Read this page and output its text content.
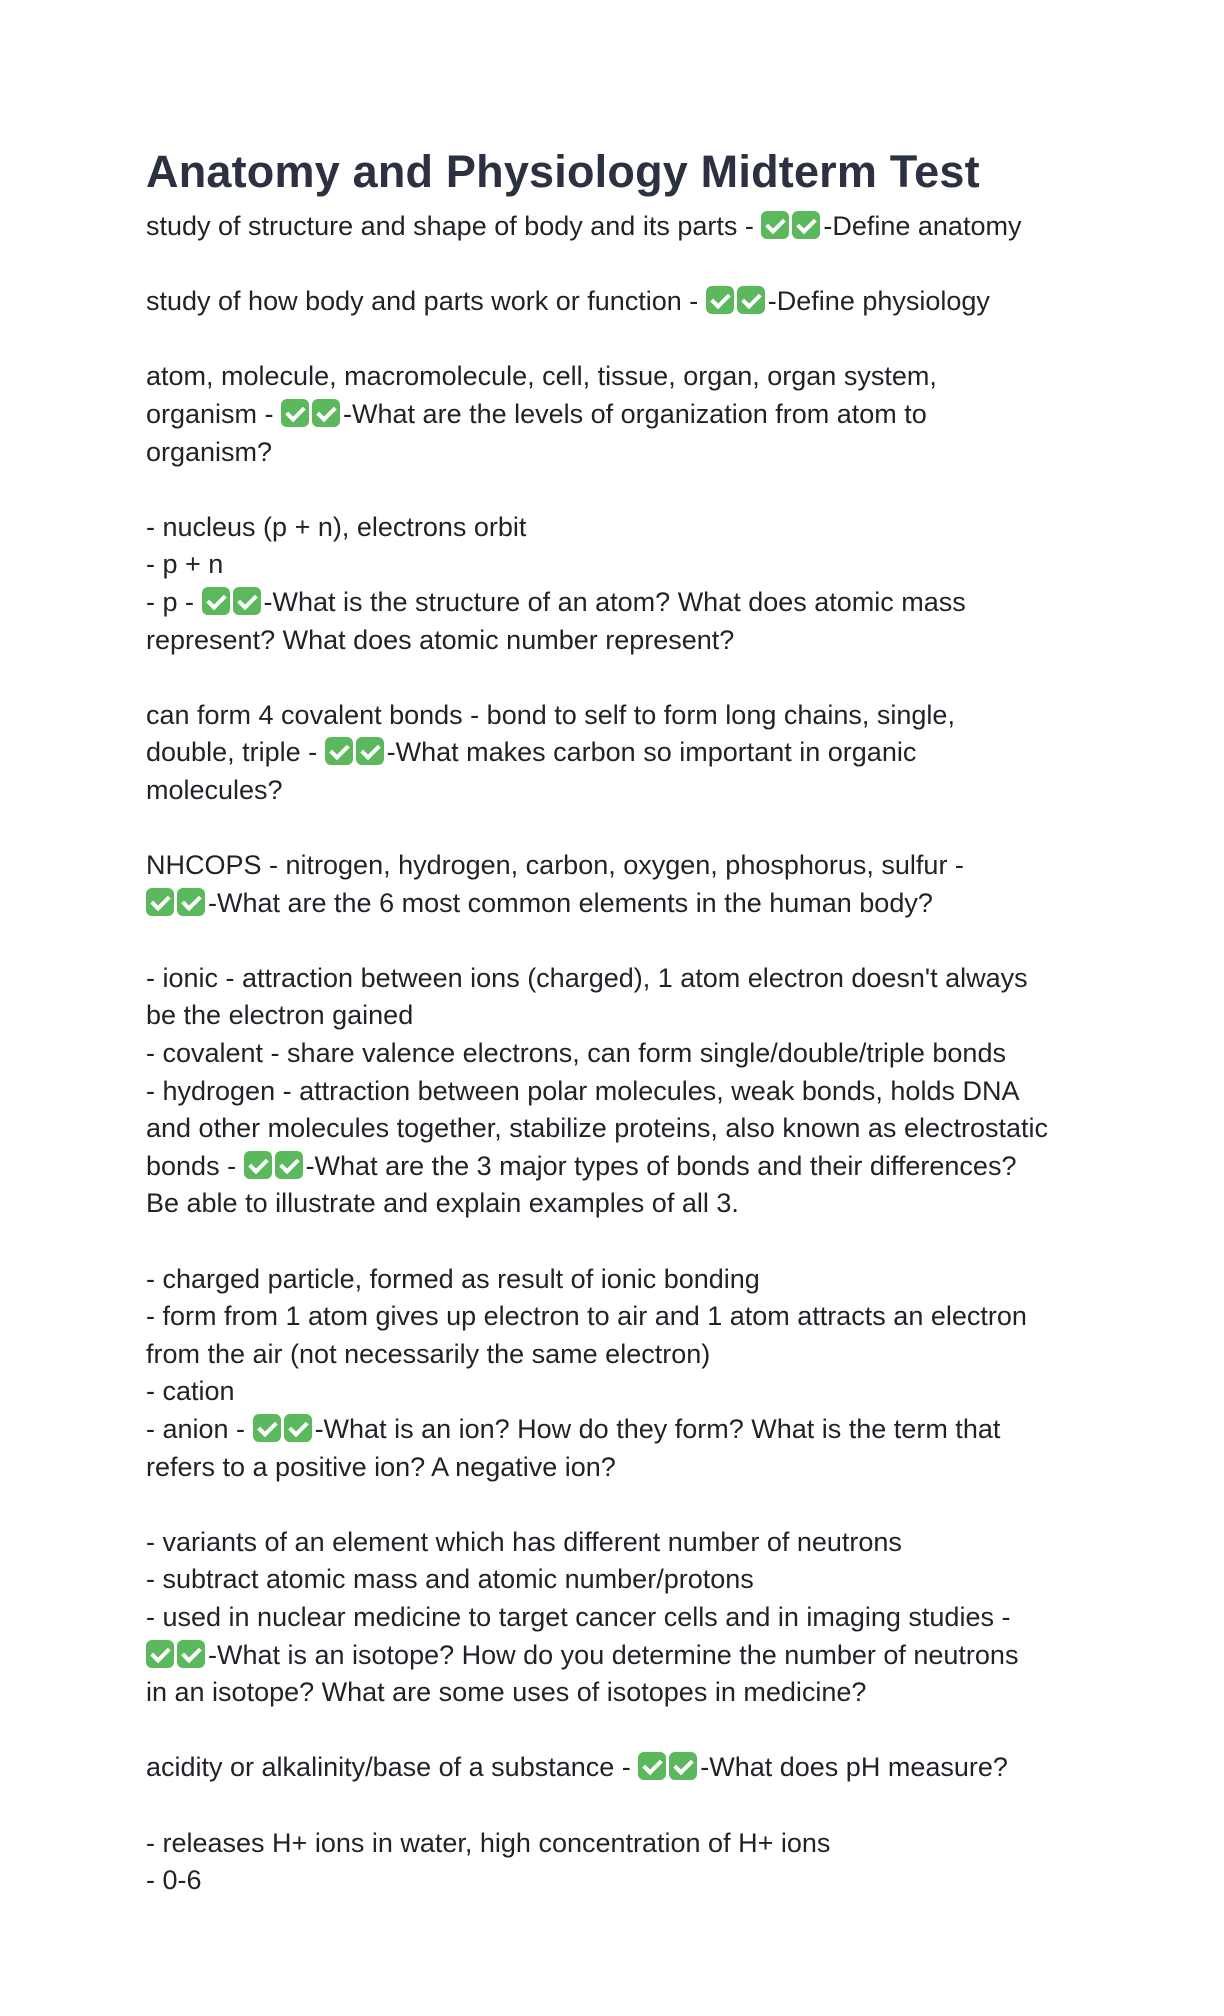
Anatomy and Physiology Midterm Test
study of structure and shape of body and its parts - -Define anatomy
study of how body and parts work or function - -Define physiology
atom, molecule, macromolecule, cell, tissue, organ, organ system,
organism - -What are the levels of organization from atom to
organism?
- nucleus (p + n), electrons orbit
- p + n
- p - -What is the structure of an atom? What does atomic mass
represent? What does atomic number represent?
can form 4 covalent bonds - bond to self to form long chains, single,
double, triple - -What makes carbon so important in organic
molecules?
NHCOPS - nitrogen, hydrogen, carbon, oxygen, phosphorus, sulfur -
-What are the 6 most common elements in the human body?
- ionic - attraction between ions (charged), 1 atom electron doesn't always
be the electron gained
- covalent - share valence electrons, can form single/double/triple bonds
- hydrogen - attraction between polar molecules, weak bonds, holds DNA
and other molecules together, stabilize proteins, also known as electrostatic
bonds - -What are the 3 major types of bonds and their differences?
Be able to illustrate and explain examples of all 3.
- charged particle, formed as result of ionic bonding
- form from 1 atom gives up electron to air and 1 atom attracts an electron
from the air (not necessarily the same electron)
- cation
- anion - -What is an ion? How do they form? What is the term that
refers to a positive ion? A negative ion?
- variants of an element which has different number of neutrons
- subtract atomic mass and atomic number/protons
- used in nuclear medicine to target cancer cells and in imaging studies -
-What is an isotope? How do you determine the number of neutrons
in an isotope? What are some uses of isotopes in medicine?
acidity or alkalinity/base of a substance - -What does pH measure?
- releases H+ ions in water, high concentration of H+ ions
- 0-6
